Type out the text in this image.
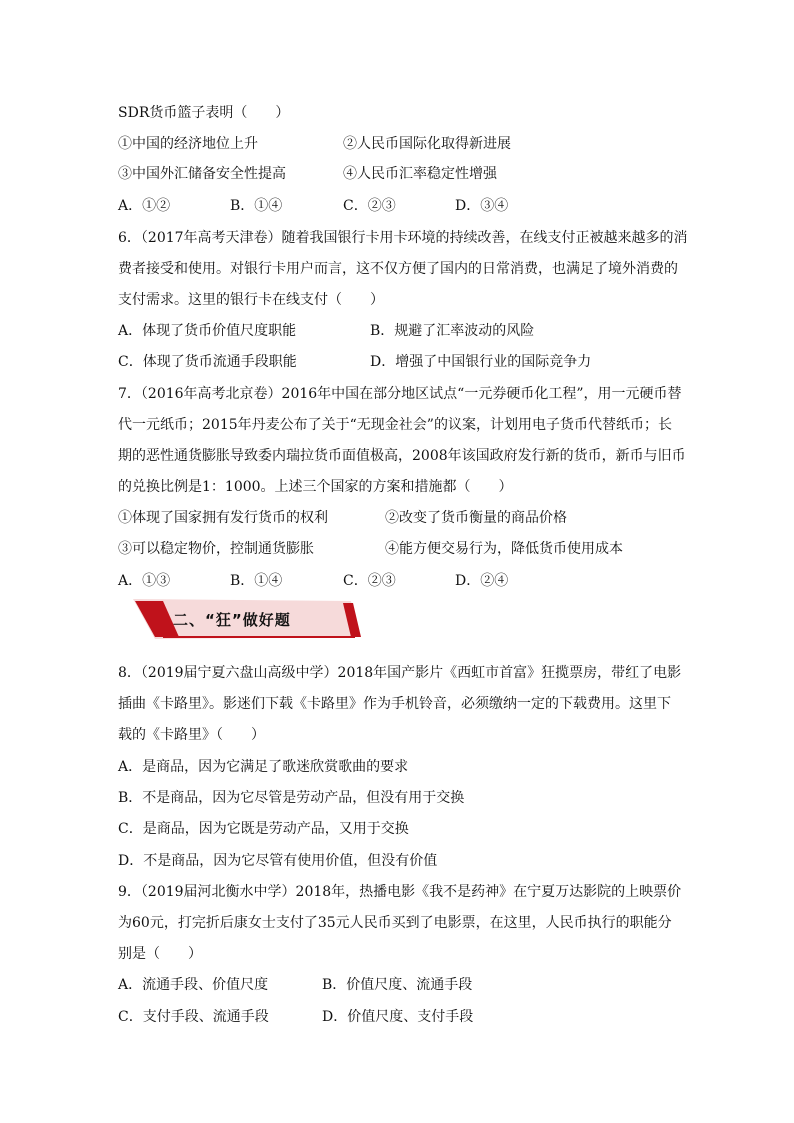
SDR货币篮子表明（　　）
①中国的经济地位上升	②人民币国际化取得新进展
③中国外汇储备安全性提高	④人民币汇率稳定性增强
A．①②	B．①④	C．②③	D．③④
6．（2017年高考天津卷）随着我国银行卡用卡环境的持续改善，在线支付正被越来越多的消
费者接受和使用。对银行卡用户而言，这不仅方便了国内的日常消费，也满足了境外消费的
支付需求。这里的银行卡在线支付（　　）
A．体现了货币价值尺度职能	B．规避了汇率波动的风险
C．体现了货币流通手段职能	D．增强了中国银行业的国际竞争力
7．（2016年高考北京卷）2016年中国在部分地区试点“一元券硬币化工程”，用一元硬币替
代一元纸币；2015年丹麦公布了关于“无现金社会”的议案，计划用电子货币代替纸币；长
期的恶性通货膨胀导致委内瑞拉货币面值极高，2008年该国政府发行新的货币，新币与旧币
的兑换比例是1：1000。上述三个国家的方案和措施都（　　）
①体现了国家拥有发行货币的权利	②改变了货币衡量的商品价格
③可以稳定物价，控制通货膨胀	④能方便交易行为，降低货币使用成本
A．①③	B．①④	C．②③	D．②④
二、“狂”做好题
8．（2019届宁夏六盘山高级中学）2018年国产影片《西虹市首富》狂揽票房，带红了电影
插曲《卡路里》。影迷们下载《卡路里》作为手机铃音，必须缴纳一定的下载费用。这里下
载的《卡路里》（　　）
A．是商品，因为它满足了歌迷欣赏歌曲的要求
B．不是商品，因为它尽管是劳动产品，但没有用于交换
C．是商品，因为它既是劳动产品，又用于交换
D．不是商品，因为它尽管有使用价值，但没有价值
9．（2019届河北衡水中学）2018年，热播电影《我不是药神》在宁夏万达影院的上映票价
为60元，打完折后康女士支付了35元人民币买到了电影票，在这里，人民币执行的职能分
别是（　　）
A．流通手段、价值尺度	B．价值尺度、流通手段
C．支付手段、流通手段	D．价值尺度、支付手段
